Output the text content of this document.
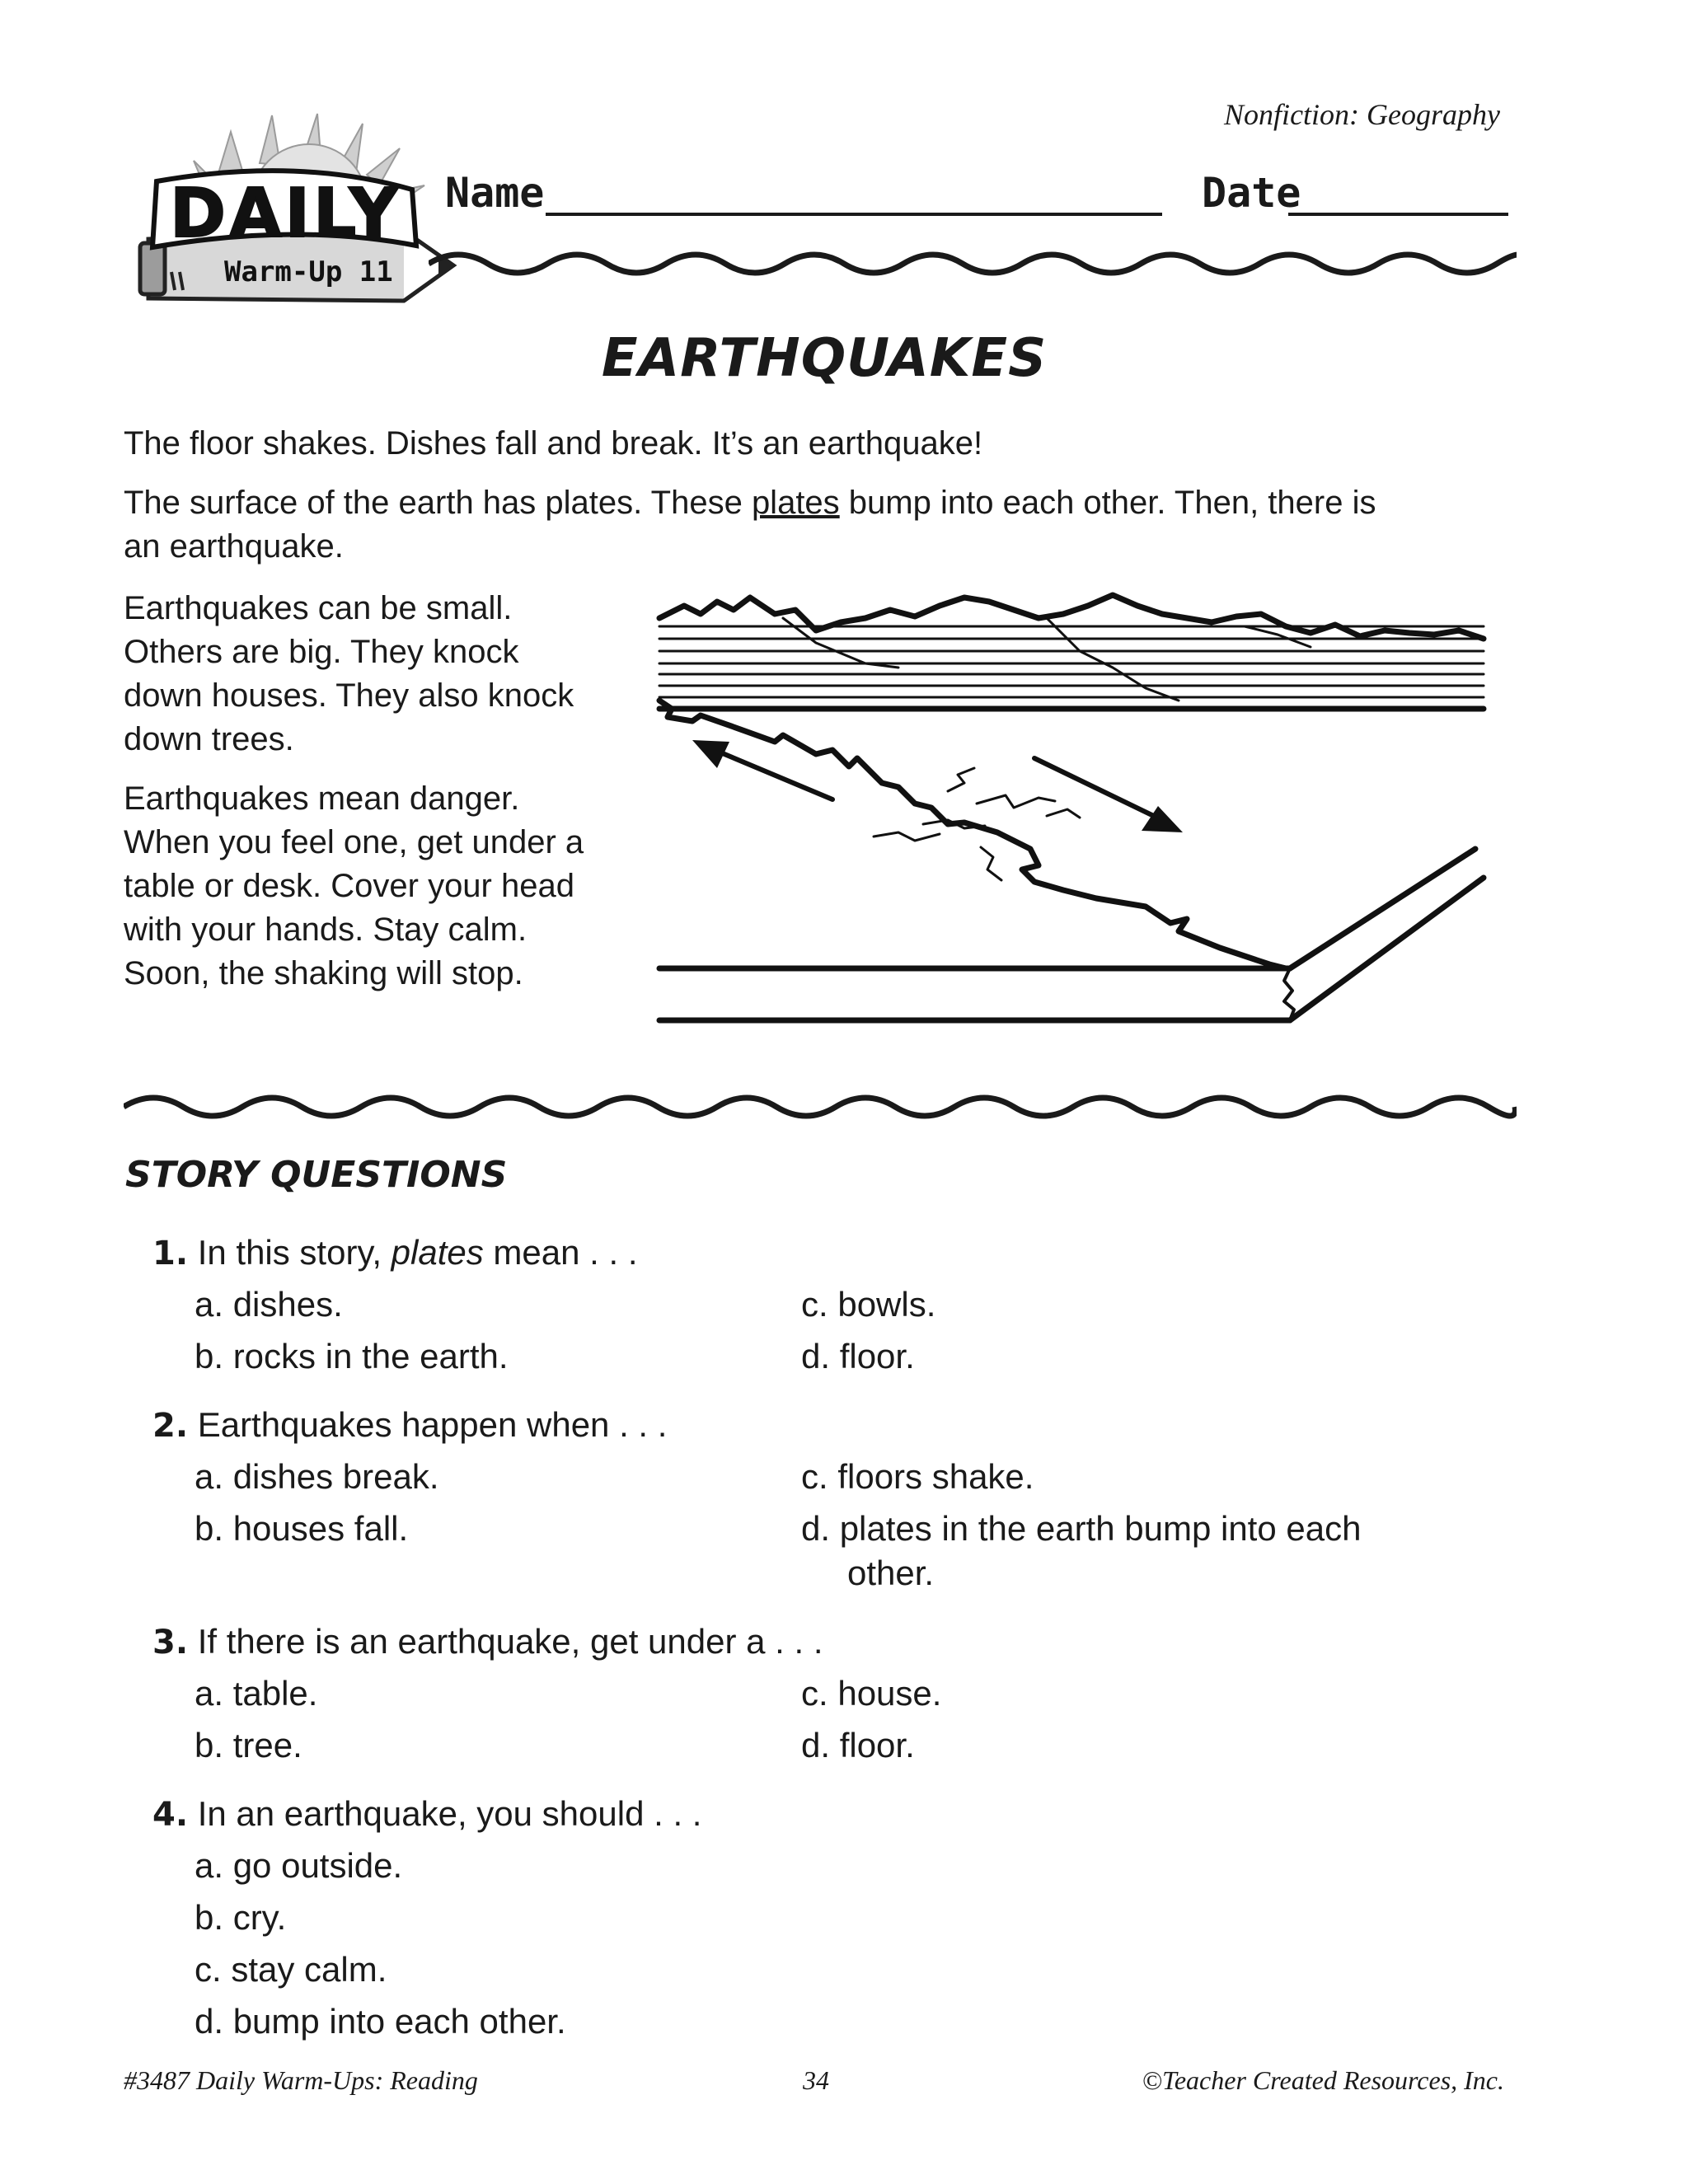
Nonfiction: Geography
DAILY
Warm-Up 11
Name	Date
EARTHQUAKES
The floor shakes. Dishes fall and break. It’s an earthquake!
The surface of the earth has plates. These plates bump into each other. Then, there is
an earthquake.
Earthquakes can be small.
Others are big. They knock
down houses. They also knock
down trees.
Earthquakes mean danger.
When you feel one, get under a
table or desk. Cover your head
with your hands. Stay calm.
Soon, the shaking will stop.
STORY QUESTIONS
1. In this story, plates mean . . .
a. dishes.
b. rocks in the earth.
c. bowls.
d. floor.
2. Earthquakes happen when . . .
a. dishes break.
b. houses fall.
c. floors shake.
d. plates in the earth bump into each
other.
3. If there is an earthquake, get under a . . .
a. table.
b. tree.
c. house.
d. floor.
4. In an earthquake, you should . . .
a. go outside.
b. cry.
c. stay calm.
d. bump into each other.
#3487 Daily Warm-Ups: Reading	34	©Teacher Created Resources, Inc.
